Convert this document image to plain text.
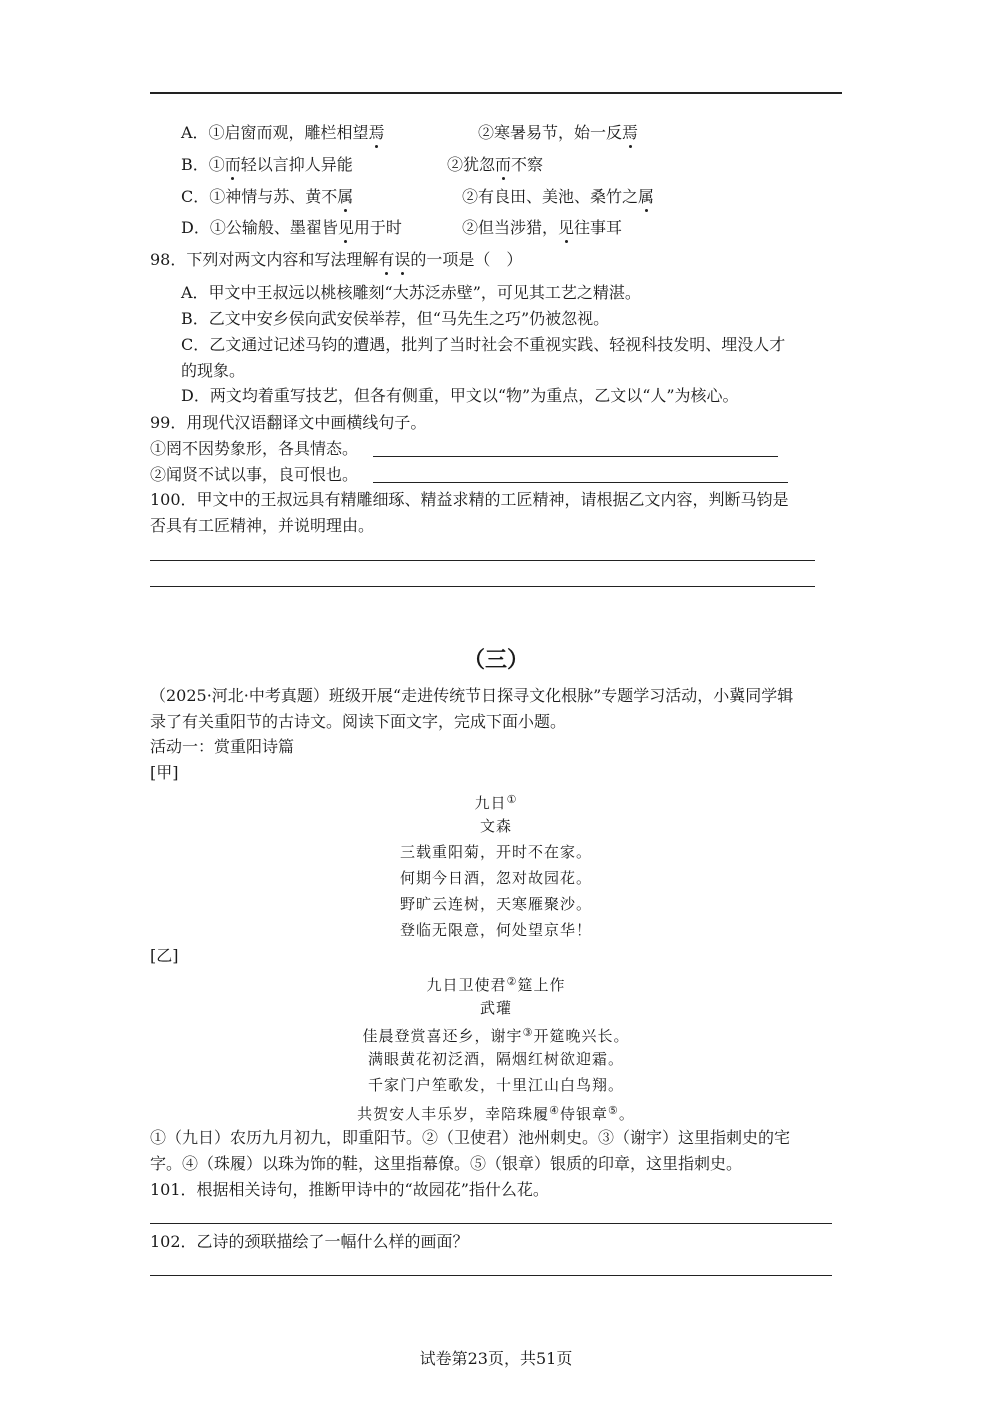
A．①启窗而观，雕栏相望焉	②寒暑易节，始一反焉
B．①而轻以言抑人异能	②犹忽而不察
C．①神情与苏、黄不属	②有良田、美池、桑竹之属
D．①公输般、墨翟皆见用于时	②但当涉猎，见往事耳
98．下列对两文内容和写法理解有误的一项是（　）
A．甲文中王叔远以桃核雕刻“大苏泛赤壁”，可见其工艺之精湛。
B．乙文中安乡侯向武安侯举荐，但“马先生之巧”仍被忽视。
C．乙文通过记述马钧的遭遇，批判了当时社会不重视实践、轻视科技发明、埋没人才
的现象。
D．两文均着重写技艺，但各有侧重，甲文以“物”为重点，乙文以“人”为核心。
99．用现代汉语翻译文中画横线句子。
①罔不因势象形，各具情态。
②闻贤不试以事，良可恨也。
100．甲文中的王叔远具有精雕细琢、精益求精的工匠精神，请根据乙文内容，判断马钧是
否具有工匠精神，并说明理由。
（三）
（2025·河北·中考真题）班级开展“走进传统节日探寻文化根脉”专题学习活动，小冀同学辑
录了有关重阳节的古诗文。阅读下面文字，完成下面小题。
活动一：赏重阳诗篇
[甲]
九日①
文森
三载重阳菊，开时不在家。
何期今日酒，忽对故园花。
野旷云连树，天寒雁聚沙。
登临无限意，何处望京华！
[乙]
九日卫使君②筵上作
武瓘
佳晨登赏喜还乡，谢宇③开筵晚兴长。
满眼黄花初泛酒，隔烟红树欲迎霜。
千家门户笙歌发，十里江山白鸟翔。
共贺安人丰乐岁，幸陪珠履④侍银章⑤。
①（九日）农历九月初九，即重阳节。②（卫使君）池州刺史。③（谢宇）这里指刺史的宅
字。④（珠履）以珠为饰的鞋，这里指幕僚。⑤（银章）银质的印章，这里指刺史。
101．根据相关诗句，推断甲诗中的“故园花”指什么花。
102．乙诗的颈联描绘了一幅什么样的画面？
试卷第23页，共51页
